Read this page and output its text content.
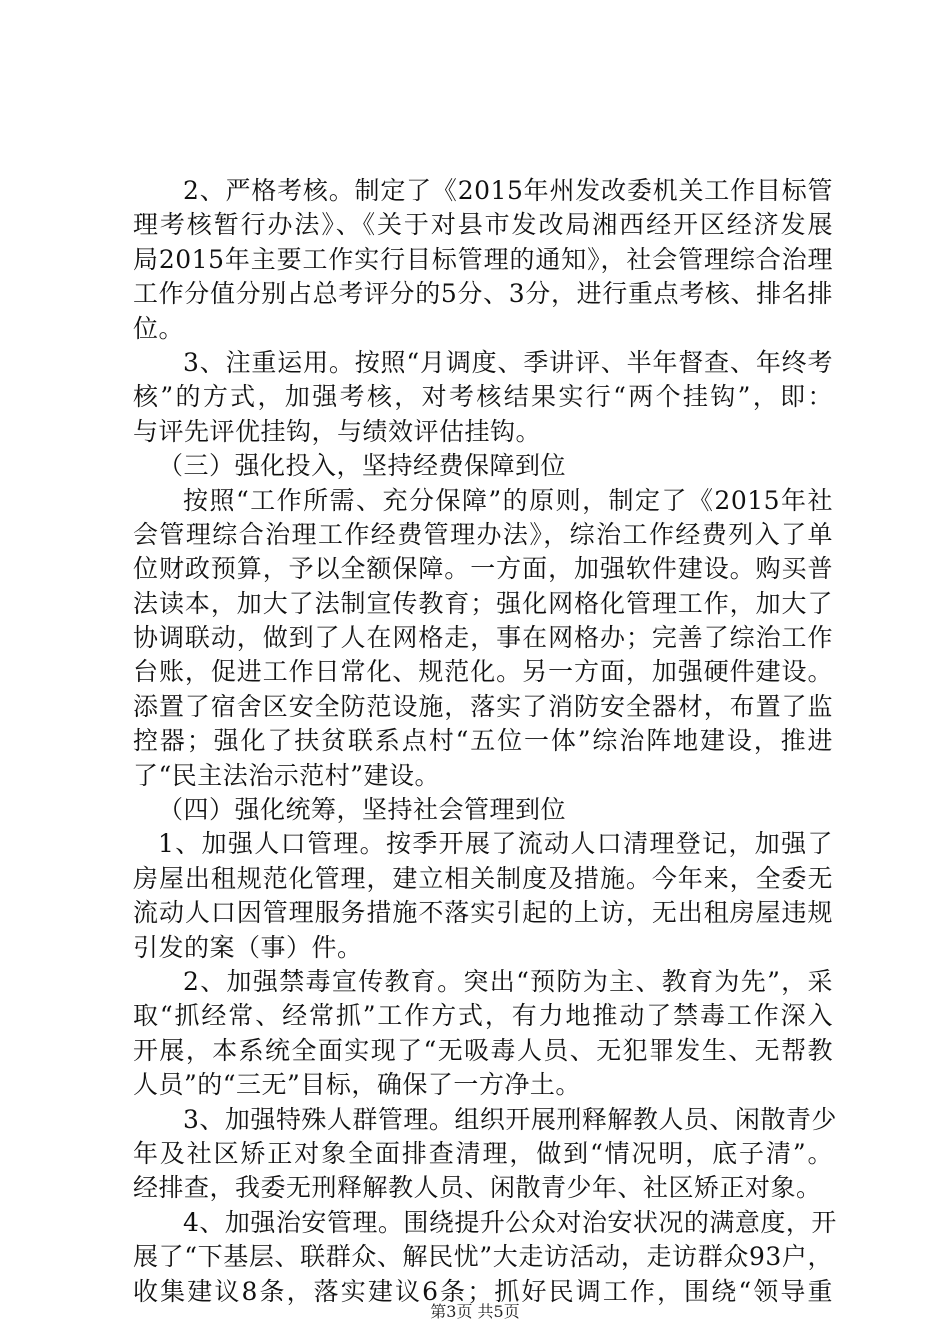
2、严格考核。制定了《2015年州发改委机关工作目标管
理考核暂行办法》、《关于对县市发改局湘西经开区经济发展
局2015年主要工作实行目标管理的通知》，社会管理综合治理
工作分值分别占总考评分的5分、3分，进行重点考核、排名排
位。
3、注重运用。按照“月调度、季讲评、半年督查、年终考
核”的方式，加强考核，对考核结果实行“两个挂钩”，即：
与评先评优挂钩，与绩效评估挂钩。
（三）强化投入，坚持经费保障到位
按照“工作所需、充分保障”的原则，制定了《2015年社
会管理综合治理工作经费管理办法》，综治工作经费列入了单
位财政预算，予以全额保障。一方面，加强软件建设。购买普
法读本，加大了法制宣传教育；强化网格化管理工作，加大了
协调联动，做到了人在网格走，事在网格办；完善了综治工作
台账，促进工作日常化、规范化。另一方面，加强硬件建设。
添置了宿舍区安全防范设施，落实了消防安全器材，布置了监
控器；强化了扶贫联系点村“五位一体”综治阵地建设，推进
了“民主法治示范村”建设。
（四）强化统筹，坚持社会管理到位
1、加强人口管理。按季开展了流动人口清理登记，加强了
房屋出租规范化管理，建立相关制度及措施。今年来，全委无
流动人口因管理服务措施不落实引起的上访，无出租房屋违规
引发的案（事）件。
2、加强禁毒宣传教育。突出“预防为主、教育为先”，采
取“抓经常、经常抓”工作方式，有力地推动了禁毒工作深入
开展，本系统全面实现了“无吸毒人员、无犯罪发生、无帮教
人员”的“三无”目标，确保了一方净土。
3、加强特殊人群管理。组织开展刑释解教人员、闲散青少
年及社区矫正对象全面排查清理，做到“情况明，底子清”。
经排查，我委无刑释解教人员、闲散青少年、社区矫正对象。
4、加强治安管理。围绕提升公众对治安状况的满意度，开
展了“下基层、联群众、解民忧”大走访活动，走访群众93户，
收集建议8条，落实建议6条；抓好民调工作，围绕“领导重
第3页 共5页
